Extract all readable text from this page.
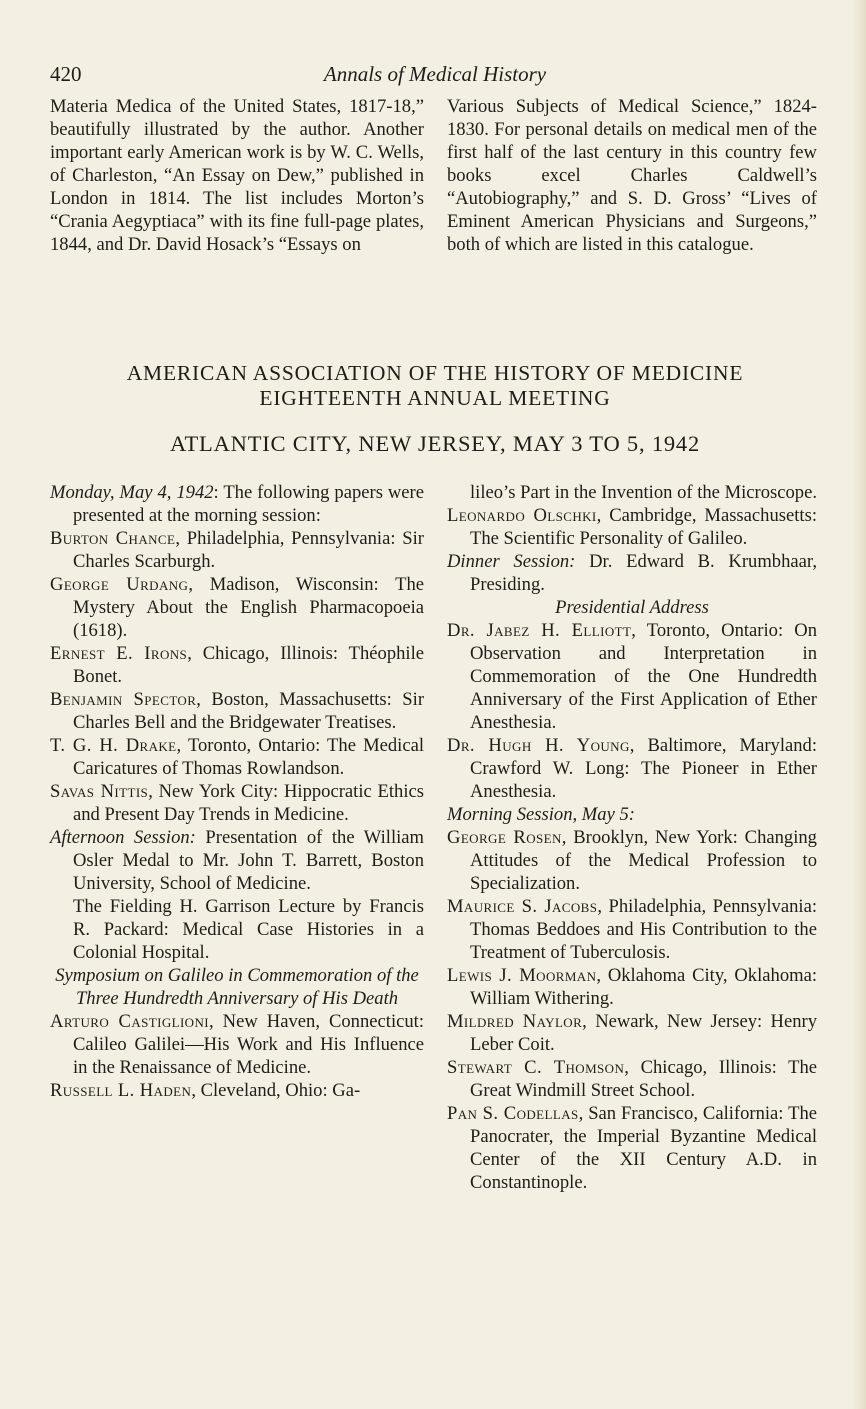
420	Annals of Medical History

Materia Medica of the United States, 1817-18,” beautifully illustrated by the author. Another important early American work is by W. C. Wells, of Charleston, “An Essay on Dew,” published in London in 1814. The list includes Morton’s “Crania Aegyptiaca” with its fine full-page plates, 1844, and Dr. David Hosack’s “Essays on

Various Subjects of Medical Science,” 1824-1830. For personal details on medical men of the first half of the last century in this country few books excel Charles Caldwell’s “Autobiography,” and S. D. Gross’ “Lives of Eminent American Physicians and Surgeons,” both of which are listed in this catalogue.

AMERICAN ASSOCIATION OF THE HISTORY OF MEDICINE
EIGHTEENTH ANNUAL MEETING
ATLANTIC CITY, NEW JERSEY, MAY 3 TO 5, 1942

Monday, May 4, 1942: The following papers were presented at the morning session:

Burton Chance, Philadelphia, Pennsylvania: Sir Charles Scarburgh.

George Urdang, Madison, Wisconsin: The Mystery About the English Pharmacopoeia (1618).

Ernest E. Irons, Chicago, Illinois: Théophile Bonet.

Benjamin Spector, Boston, Massachusetts: Sir Charles Bell and the Bridgewater Treatises.

T. G. H. Drake, Toronto, Ontario: The Medical Caricatures of Thomas Rowlandson.

Savas Nittis, New York City: Hippocratic Ethics and Present Day Trends in Medicine.

Afternoon Session: Presentation of the William Osler Medal to Mr. John T. Barrett, Boston University, School of Medicine.

The Fielding H. Garrison Lecture by Francis R. Packard: Medical Case Histories in a Colonial Hospital.

Symposium on Galileo in Commemoration of the Three Hundredth Anniversary of His Death

Arturo Castiglioni, New Haven, Connecticut: Calileo Galilei—His Work and His Influence in the Renaissance of Medicine.

Russell L. Haden, Cleveland, Ohio: Ga-

lileo’s Part in the Invention of the Microscope.

Leonardo Olschki, Cambridge, Massachusetts: The Scientific Personality of Galileo.

Dinner Session: Dr. Edward B. Krumbhaar, Presiding.

Presidential Address

Dr. Jabez H. Elliott, Toronto, Ontario: On Observation and Interpretation in Commemoration of the One Hundredth Anniversary of the First Application of Ether Anesthesia.

Dr. Hugh H. Young, Baltimore, Maryland: Crawford W. Long: The Pioneer in Ether Anesthesia.

Morning Session, May 5:

George Rosen, Brooklyn, New York: Changing Attitudes of the Medical Profession to Specialization.

Maurice S. Jacobs, Philadelphia, Pennsylvania: Thomas Beddoes and His Contribution to the Treatment of Tuberculosis.

Lewis J. Moorman, Oklahoma City, Oklahoma: William Withering.

Mildred Naylor, Newark, New Jersey: Henry Leber Coit.

Stewart C. Thomson, Chicago, Illinois: The Great Windmill Street School.

Pan S. Codellas, San Francisco, California: The Panocrater, the Imperial Byzantine Medical Center of the XII Century A.D. in Constantinople.
